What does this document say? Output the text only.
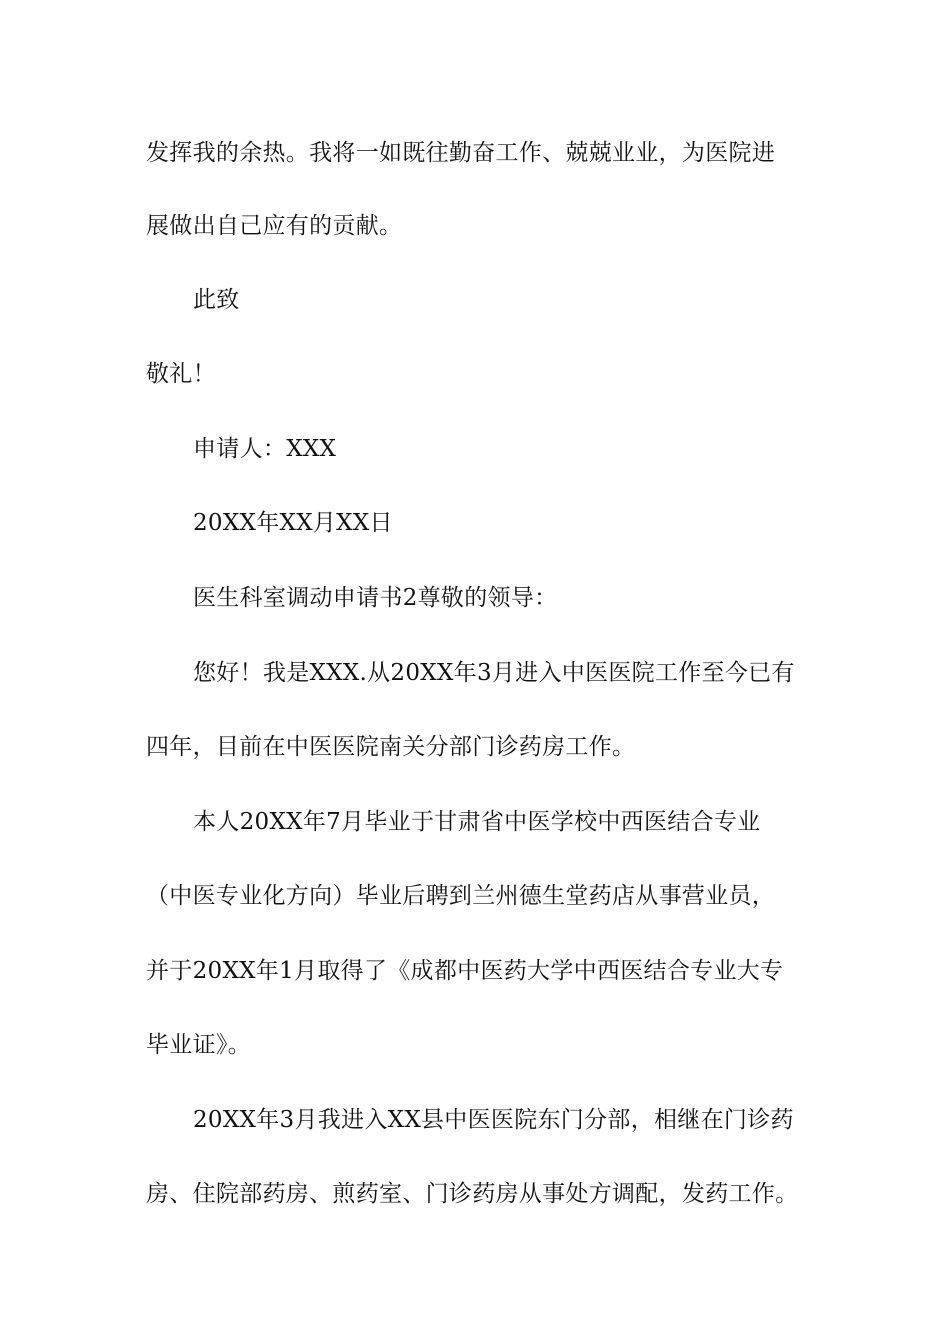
发挥我的余热。我将一如既往勤奋工作、兢兢业业，为医院进
展做出自己应有的贡献。
此致
敬礼！
申请人：XXX
20XX年XX月XX日
医生科室调动申请书2尊敬的领导：
您好！我是XXX.从20XX年3月进入中医医院工作至今已有
四年，目前在中医医院南关分部门诊药房工作。
本人20XX年7月毕业于甘肃省中医学校中西医结合专业
（中医专业化方向）毕业后聘到兰州德生堂药店从事营业员，
并于20XX年1月取得了《成都中医药大学中西医结合专业大专
毕业证》。
20XX年3月我进入XX县中医医院东门分部，相继在门诊药
房、住院部药房、煎药室、门诊药房从事处方调配，发药工作。
